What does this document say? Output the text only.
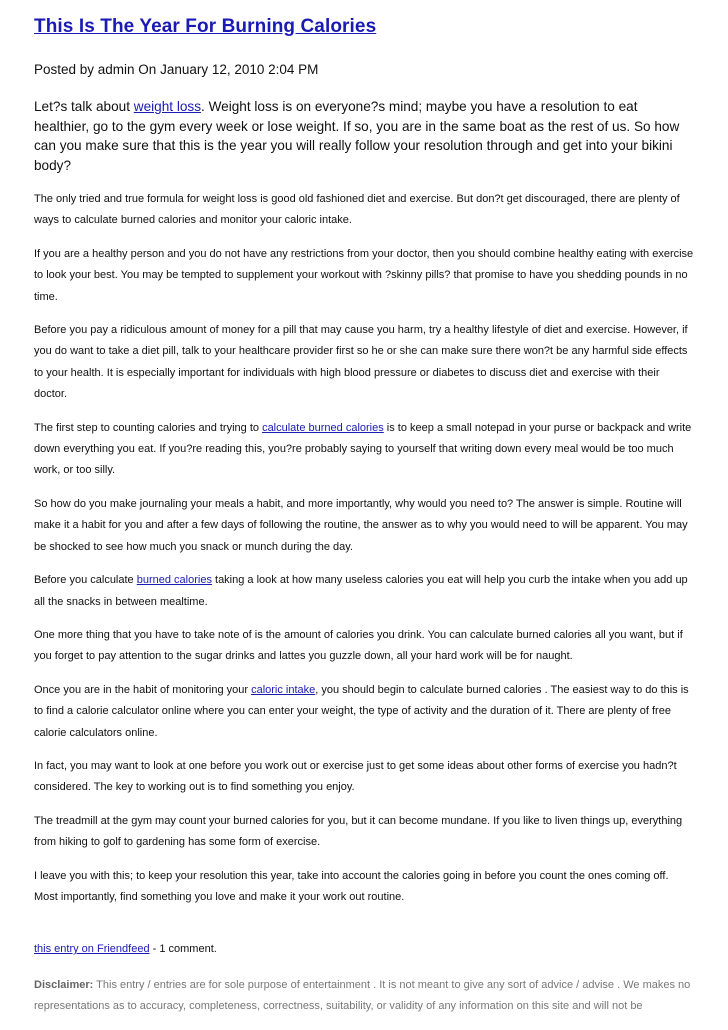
This Is The Year For Burning Calories
Posted by admin On January 12, 2010 2:04 PM

Let?s talk about weight loss. Weight loss is on everyone?s mind; maybe you have a resolution to eat healthier, go to the gym every week or lose weight. If so, you are in the same boat as the rest of us. So how can you make sure that this is the year you will really follow your resolution through and get into your bikini body?

The only tried and true formula for weight loss is good old fashioned diet and exercise. But don?t get discouraged, there are plenty of ways to calculate burned calories and monitor your caloric intake.

If you are a healthy person and you do not have any restrictions from your doctor, then you should combine healthy eating with exercise to look your best. You may be tempted to supplement your workout with ?skinny pills? that promise to have you shedding pounds in no time.

Before you pay a ridiculous amount of money for a pill that may cause you harm, try a healthy lifestyle of diet and exercise. However, if you do want to take a diet pill, talk to your healthcare provider first so he or she can make sure there won?t be any harmful side effects to your health. It is especially important for individuals with high blood pressure or diabetes to discuss diet and exercise with their doctor.

The first step to counting calories and trying to calculate burned calories is to keep a small notepad in your purse or backpack and write down everything you eat. If you?re reading this, you?re probably saying to yourself that writing down every meal would be too much work, or too silly.

So how do you make journaling your meals a habit, and more importantly, why would you need to? The answer is simple. Routine will make it a habit for you and after a few days of following the routine, the answer as to why you would need to will be apparent. You may be shocked to see how much you snack or munch during the day.

Before you calculate burned calories taking a look at how many useless calories you eat will help you curb the intake when you add up all the snacks in between mealtime.

One more thing that you have to take note of is the amount of calories you drink. You can calculate burned calories all you want, but if you forget to pay attention to the sugar drinks and lattes you guzzle down, all your hard work will be for naught.

Once you are in the habit of monitoring your caloric intake, you should begin to calculate burned calories . The easiest way to do this is to find a calorie calculator online where you can enter your weight, the type of activity and the duration of it. There are plenty of free calorie calculators online.

In fact, you may want to look at one before you work out or exercise just to get some ideas about other forms of exercise you hadn?t considered. The key to working out is to find something you enjoy.

The treadmill at the gym may count your burned calories for you, but it can become mundane. If you like to liven things up, everything from hiking to golf to gardening has some form of exercise.

I leave you with this; to keep your resolution this year, take into account the calories going in before you count the ones coming off. Most importantly, find something you love and make it your work out routine.

this entry on Friendfeed - 1 comment.
Disclaimer: This entry / entries are for sole purpose of entertainment . It is not meant to give any sort of advice / advise . We makes no representations as to accuracy, completeness, correctness, suitability, or validity of any information on this site and will not be
